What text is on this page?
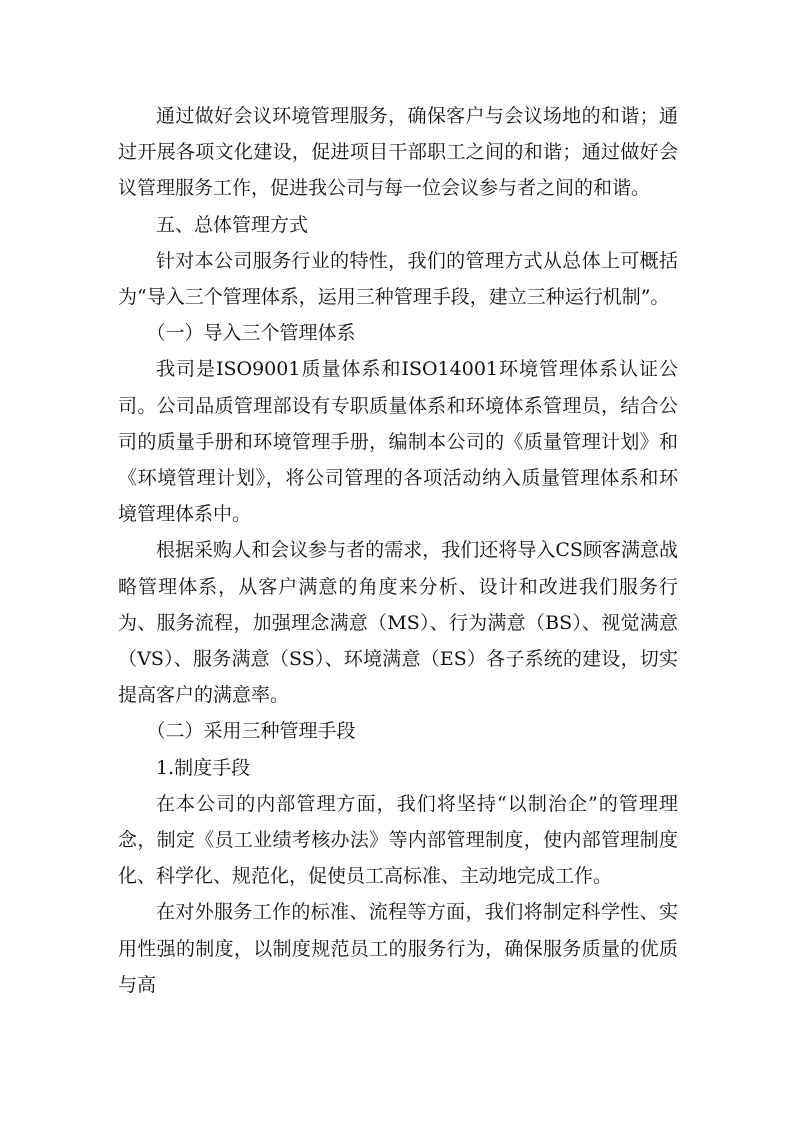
通过做好会议环境管理服务，确保客户与会议场地的和谐；通过开展各项文化建设，促进项目干部职工之间的和谐；通过做好会议管理服务工作，促进我公司与每一位会议参与者之间的和谐。

五、总体管理方式

针对本公司服务行业的特性，我们的管理方式从总体上可概括为“导入三个管理体系，运用三种管理手段，建立三种运行机制”。

（一）导入三个管理体系

我司是ISO9001质量体系和ISO14001环境管理体系认证公司。公司品质管理部设有专职质量体系和环境体系管理员，结合公司的质量手册和环境管理手册，编制本公司的《质量管理计划》和《环境管理计划》，将公司管理的各项活动纳入质量管理体系和环境管理体系中。

根据采购人和会议参与者的需求，我们还将导入CS顾客满意战略管理体系，从客户满意的角度来分析、设计和改进我们服务行为、服务流程，加强理念满意（MS）、行为满意（BS）、视觉满意（VS）、服务满意（SS）、环境满意（ES）各子系统的建设，切实提高客户的满意率。

（二）采用三种管理手段

1.制度手段

在本公司的内部管理方面，我们将坚持“以制治企”的管理理念，制定《员工业绩考核办法》等内部管理制度，使内部管理制度化、科学化、规范化，促使员工高标准、主动地完成工作。

在对外服务工作的标准、流程等方面，我们将制定科学性、实用性强的制度，以制度规范员工的服务行为，确保服务质量的优质与高
